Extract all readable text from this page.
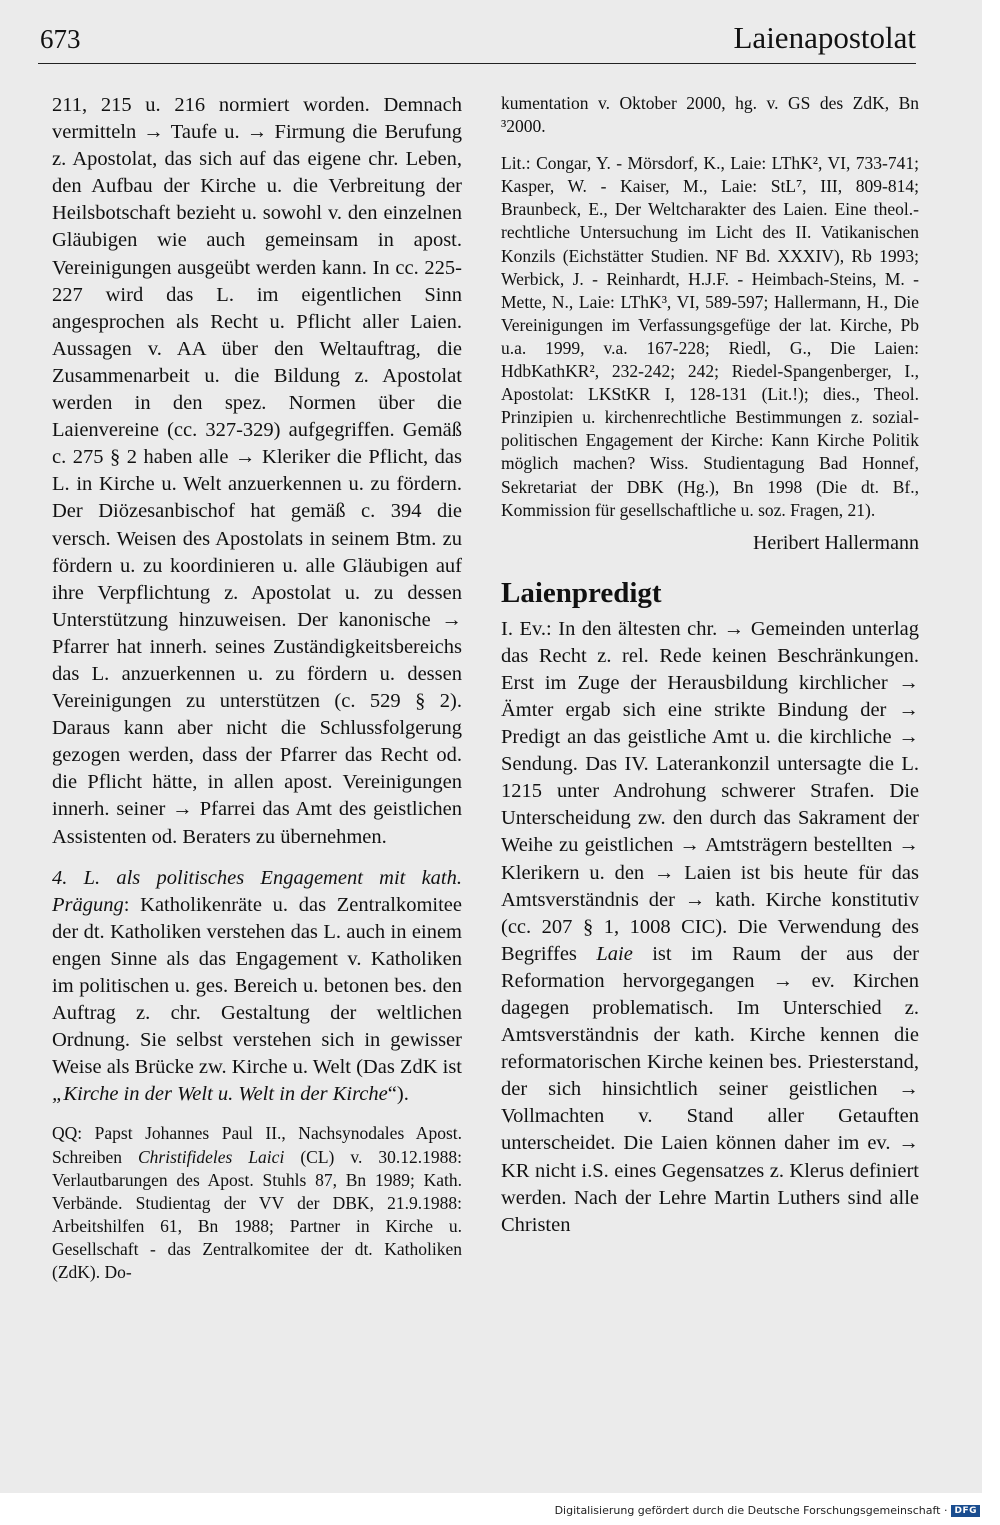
673	Laienapostolat

211, 215 u. 216 normiert worden. Demnach vermitteln → Taufe u. → Firmung die Berufung z. Apostolat, das sich auf das eigene chr. Leben, den Aufbau der Kirche u. die Verbreitung der Heilsbotschaft bezieht u. sowohl v. den einzelnen Gläubigen wie auch gemeinsam in apost. Vereinigungen ausgeübt werden kann. In cc. 225-227 wird das L. im eigentlichen Sinn angesprochen als Recht u. Pflicht aller Laien. Aussagen v. AA über den Weltauftrag, die Zusammenarbeit u. die Bildung z. Apostolat werden in den spez. Normen über die Laienvereine (cc. 327-329) aufgegriffen. Gemäß c. 275 § 2 haben alle → Kleriker die Pflicht, das L. in Kirche u. Welt anzuerkennen u. zu fördern. Der Diözesanbischof hat gemäß c. 394 die versch. Weisen des Apostolats in seinem Btm. zu fördern u. zu koordinieren u. alle Gläubigen auf ihre Verpflichtung z. Apostolat u. zu dessen Unterstützung hinzuweisen. Der kanonische → Pfarrer hat innerh. seines Zuständigkeitsbereichs das L. anzuerkennen u. zu fördern u. dessen Vereinigungen zu unterstützen (c. 529 § 2). Daraus kann aber nicht die Schlussfolgerung gezogen werden, dass der Pfarrer das Recht od. die Pflicht hätte, in allen apost. Vereinigungen innerh. seiner → Pfarrei das Amt des geistlichen Assistenten od. Beraters zu übernehmen.

4. L. als politisches Engagement mit kath. Prägung: Katholikenräte u. das Zentralkomitee der dt. Katholiken verstehen das L. auch in einem engen Sinne als das Engagement v. Katholiken im politischen u. ges. Bereich u. betonen bes. den Auftrag z. chr. Gestaltung der weltlichen Ordnung. Sie selbst verstehen sich in gewisser Weise als Brücke zw. Kirche u. Welt (Das ZdK ist „Kirche in der Welt u. Welt in der Kirche“).

QQ: Papst Johannes Paul II., Nachsynodales Apost. Schreiben Christifideles Laici (CL) v. 30.12.1988: Verlautbarungen des Apost. Stuhls 87, Bn 1989; Kath. Verbände. Studientag der VV der DBK, 21.9.1988: Arbeitshilfen 61, Bn 1988; Partner in Kirche u. Gesellschaft - das Zentralkomitee der dt. Katholiken (ZdK). Do-

kumentation v. Oktober 2000, hg. v. GS des ZdK, Bn ³2000.

Lit.: Congar, Y. - Mörsdorf, K., Laie: LThK², VI, 733-741; Kasper, W. - Kaiser, M., Laie: StL⁷, III, 809-814; Braunbeck, E., Der Weltcharakter des Laien. Eine theol.-rechtliche Untersuchung im Licht des II. Vatikanischen Konzils (Eichstätter Studien. NF Bd. XXXIV), Rb 1993; Werbick, J. - Reinhardt, H.J.F. - Heimbach-Steins, M. - Mette, N., Laie: LThK³, VI, 589-597; Hallermann, H., Die Vereinigungen im Verfassungsgefüge der lat. Kirche, Pb u.a. 1999, v.a. 167-228; Riedl, G., Die Laien: HdbKathKR², 232-242; 242; Riedel-Spangenberger, I., Apostolat: LKStKR I, 128-131 (Lit.!); dies., Theol. Prinzipien u. kirchenrechtliche Bestimmungen z. sozial-politischen Engagement der Kirche: Kann Kirche Politik möglich machen? Wiss. Studientagung Bad Honnef, Sekretariat der DBK (Hg.), Bn 1998 (Die dt. Bf., Kommission für gesellschaftliche u. soz. Fragen, 21).

Heribert Hallermann
Laienpredigt

I. Ev.: In den ältesten chr. → Gemeinden unterlag das Recht z. rel. Rede keinen Beschränkungen. Erst im Zuge der Herausbildung kirchlicher → Ämter ergab sich eine strikte Bindung der → Predigt an das geistliche Amt u. die kirchliche → Sendung. Das IV. Laterankonzil untersagte die L. 1215 unter Androhung schwerer Strafen. Die Unterscheidung zw. den durch das Sakrament der Weihe zu geistlichen → Amtsträgern bestellten → Klerikern u. den → Laien ist bis heute für das Amtsverständnis der → kath. Kirche konstitutiv (cc. 207 § 1, 1008 CIC). Die Verwendung des Begriffes Laie ist im Raum der aus der Reformation hervorgegangen → ev. Kirchen dagegen problematisch. Im Unterschied z. Amtsverständnis der kath. Kirche kennen die reformatorischen Kirche keinen bes. Priesterstand, der sich hinsichtlich seiner geistlichen → Vollmachten v. Stand aller Getauften unterscheidet. Die Laien können daher im ev. → KR nicht i.S. eines Gegensatzes z. Klerus definiert werden. Nach der Lehre Martin Luthers sind alle Christen

Digitalisierung gefördert durch die Deutsche Forschungsgemeinschaft · DFG
